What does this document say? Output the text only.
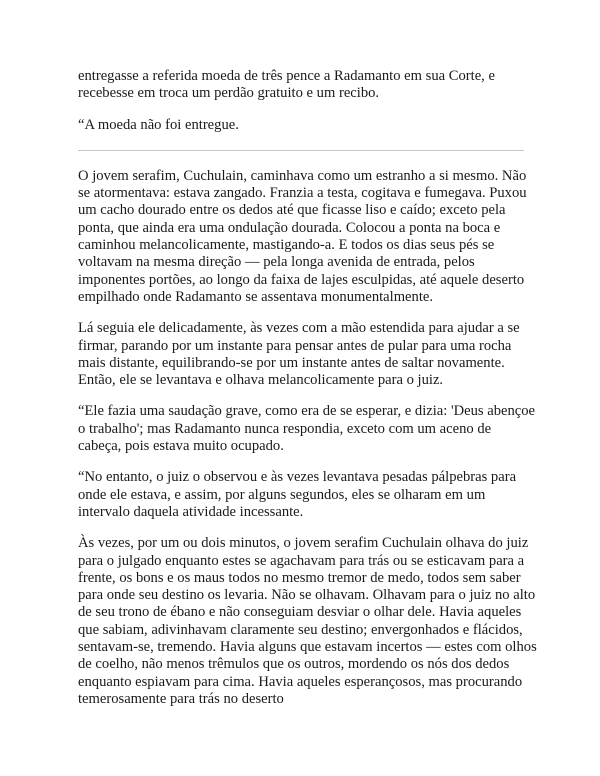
entregasse a referida moeda de três pence a Radamanto em sua Corte, e recebesse em troca um perdão gratuito e um recibo.

“A moeda não foi entregue.

O jovem serafim, Cuchulain, caminhava como um estranho a si mesmo. Não se atormentava: estava zangado. Franzia a testa, cogitava e fumegava. Puxou um cacho dourado entre os dedos até que ficasse liso e caído; exceto pela ponta, que ainda era uma ondulação dourada. Colocou a ponta na boca e caminhou melancolicamente, mastigando-a. E todos os dias seus pés se voltavam na mesma direção — pela longa avenida de entrada, pelos imponentes portões, ao longo da faixa de lajes esculpidas, até aquele deserto empilhado onde Radamanto se assentava monumentalmente.

Lá seguia ele delicadamente, às vezes com a mão estendida para ajudar a se firmar, parando por um instante para pensar antes de pular para uma rocha mais distante, equilibrando-se por um instante antes de saltar novamente. Então, ele se levantava e olhava melancolicamente para o juiz.

“Ele fazia uma saudação grave, como era de se esperar, e dizia: 'Deus abençoe o trabalho'; mas Radamanto nunca respondia, exceto com um aceno de cabeça, pois estava muito ocupado.

“No entanto, o juiz o observou e às vezes levantava pesadas pálpebras para onde ele estava, e assim, por alguns segundos, eles se olharam em um intervalo daquela atividade incessante.

Às vezes, por um ou dois minutos, o jovem serafim Cuchulain olhava do juiz para o julgado enquanto estes se agachavam para trás ou se esticavam para a frente, os bons e os maus todos no mesmo tremor de medo, todos sem saber para onde seu destino os levaria. Não se olhavam. Olhavam para o juiz no alto de seu trono de ébano e não conseguiam desviar o olhar dele. Havia aqueles que sabiam, adivinhavam claramente seu destino; envergonhados e flácidos, sentavam-se, tremendo. Havia alguns que estavam incertos — estes com olhos de coelho, não menos trêmulos que os outros, mordendo os nós dos dedos enquanto espiavam para cima. Havia aqueles esperançosos, mas procurando temerosamente para trás no deserto
